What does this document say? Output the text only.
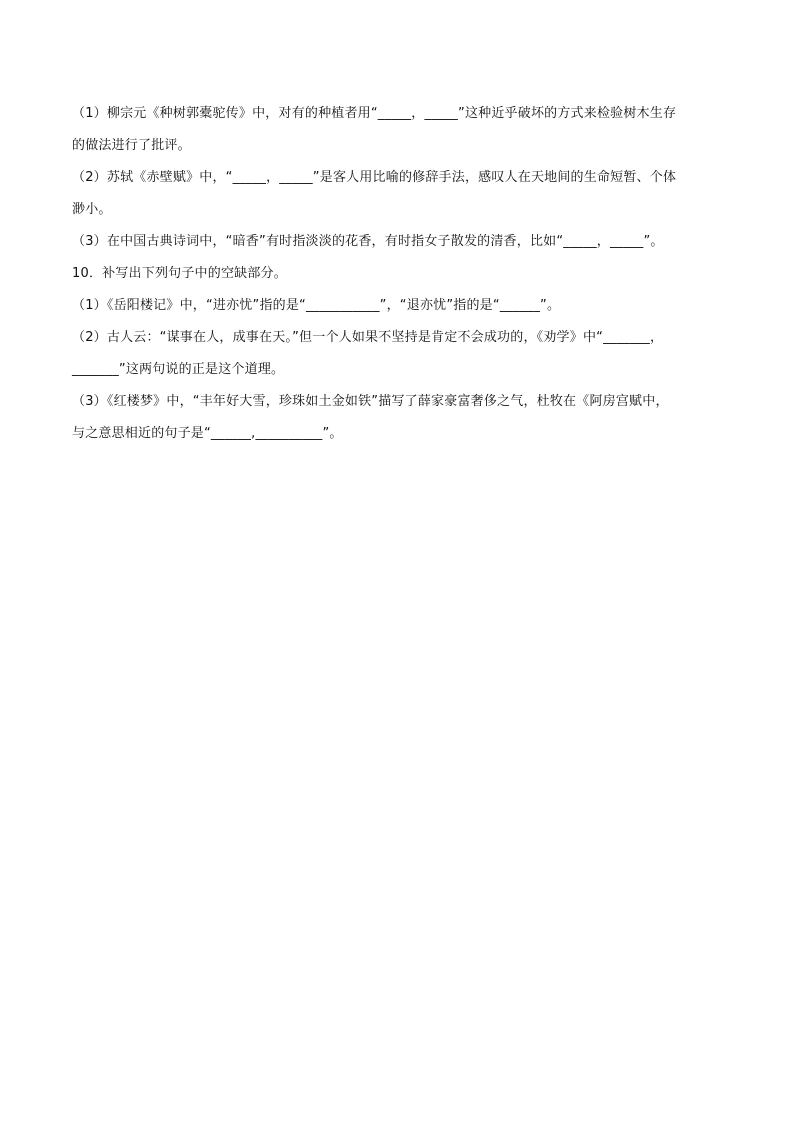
（1）柳宗元《种树郭橐驼传》中，对有的种植者用“_____，_____”这种近乎破坏的方式来检验树木生存
的做法进行了批评。
（2）苏轼《赤壁赋》中，“_____，_____”是客人用比喻的修辞手法，感叹人在天地间的生命短暂、个体
渺小。
（3）在中国古典诗词中，“暗香”有时指淡淡的花香，有时指女子散发的清香，比如“_____，_____”。
10．补写出下列句子中的空缺部分。
（1）《岳阳楼记》中，“进亦忧”指的是“___________”，“退亦忧”指的是“______”。
（2）古人云：“谋事在人，成事在天。”但一个人如果不坚持是肯定不会成功的，《劝学》中“_______，
_______”这两句说的正是这个道理。
（3）《红楼梦》中，“丰年好大雪，珍珠如土金如铁”描写了薛家豪富奢侈之气，杜牧在《阿房宫赋中，
与之意思相近的句子是“______,__________”。
